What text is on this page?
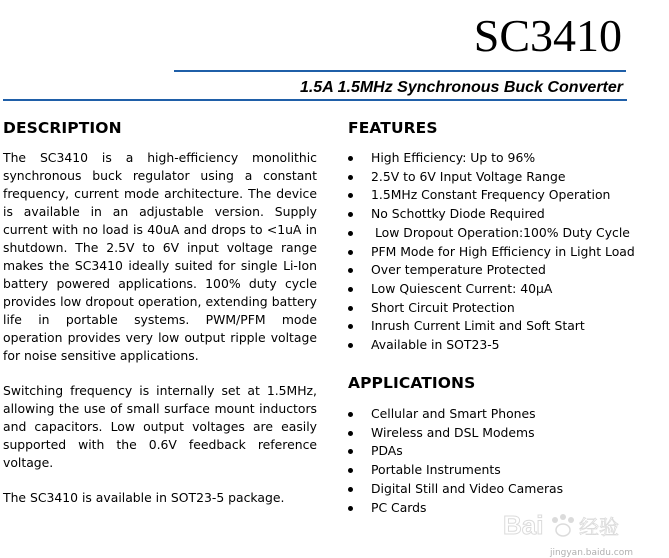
SC3410
1.5A 1.5MHz Synchronous Buck Converter
DESCRIPTION

The SC3410 is a high-efficiency monolithic synchronous buck regulator using a constant frequency, current mode architecture. The device is available in an adjustable version. Supply current with no load is 40uA and drops to <1uA in shutdown. The 2.5V to 6V input voltage range makes the SC3410 ideally suited for single Li-Ion battery powered applications. 100% duty cycle provides low dropout operation, extending battery life in portable systems. PWM/PFM mode operation provides very low output ripple voltage for noise sensitive applications.

Switching frequency is internally set at 1.5MHz, allowing the use of small surface mount inductors and capacitors. Low output voltages are easily supported with the 0.6V feedback reference voltage.

The SC3410 is available in SOT23-5 package.

FEATURES
High Efficiency: Up to 96%
2.5V to 6V Input Voltage Range
1.5MHz Constant Frequency Operation
No Schottky Diode Required
Low Dropout Operation:100% Duty Cycle
PFM Mode for High Efficiency in Light Load
Over temperature Protected
Low Quiescent Current: 40µA
Short Circuit Protection
Inrush Current Limit and Soft Start
Available in SOT23-5
APPLICATIONS
Cellular and Smart Phones
Wireless and DSL Modems
PDAs
Portable Instruments
Digital Still and Video Cameras
PC Cards
Bai 经验
jingyan.baidu.com
